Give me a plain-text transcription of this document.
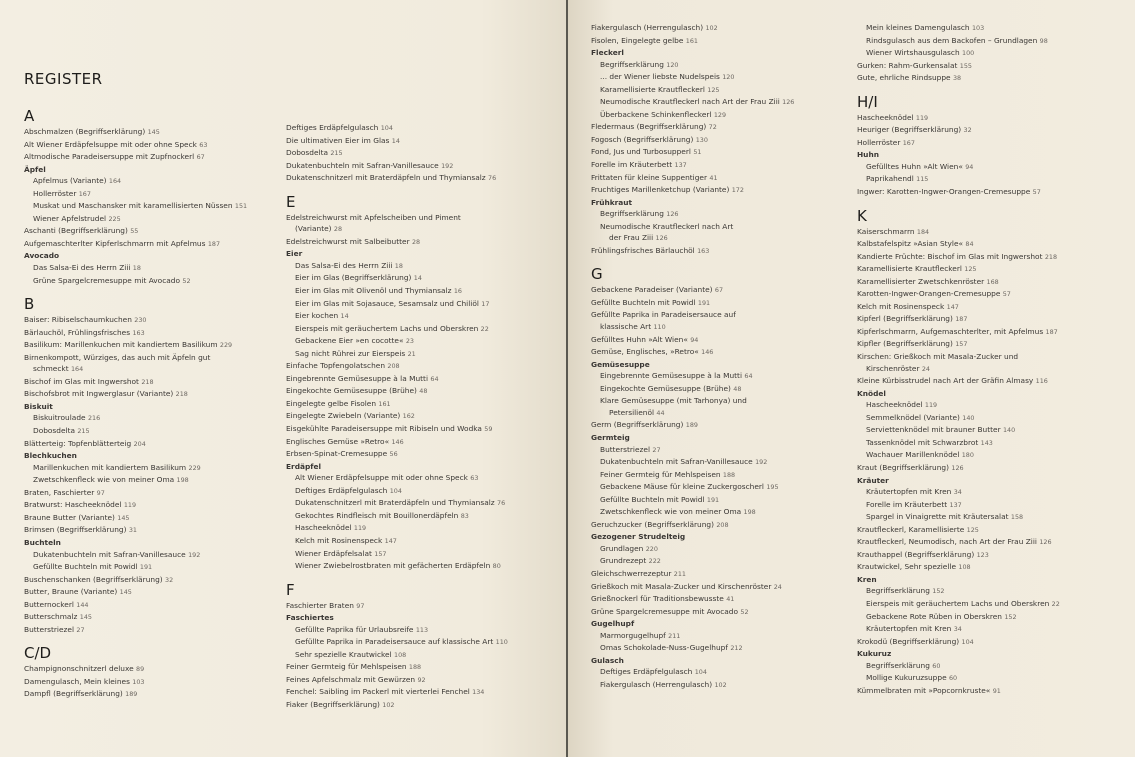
REGISTER
A
Abschmalzen (Begriffserklärung) 145
Alt Wiener Erdäpfelsuppe mit oder ohne Speck 63
Altmodische Paradeisersuppe mit Zupfnockerl 67
Äpfel
Apfelmus (Variante) 164
Hollerröster 167
Muskat und Maschansker mit karamellisierten Nüssen 151
Wiener Apfelstrudel 225
Aschanti (Begriffserklärung) 55
Aufgemaschterlter Kipferlschmarrn mit Apfelmus 187
Avocado
Das Salsa-Ei des Herrn Ziii 18
Grüne Spargelcremesuppe mit Avocado 52
B
Baiser: Ribiselschaumkuchen 230
Bärlauchöl, Frühlingsfrisches 163
Basilikum: Marillenkuchen mit kandiertem Basilikum 229
Birnenkompott, Würziges, das auch mit Äpfeln gut
schmeckt 164
Bischof im Glas mit Ingwershot 218
Bischofsbrot mit Ingwerglasur (Variante) 218
Biskuit
Biskuitroulade 216
Dobosdelta 215
Blätterteig: Topfenblätterteig 204
Blechkuchen
Marillenkuchen mit kandiertem Basilikum 229
Zwetschkenfleck wie von meiner Oma 198
Braten, Faschierter 97
Bratwurst: Hascheeknödel 119
Braune Butter (Variante) 145
Brimsen (Begriffserklärung) 31
Buchteln
Dukatenbuchteln mit Safran-Vanillesauce 192
Gefüllte Buchteln mit Powidl 191
Buschenschanken (Begriffserklärung) 32
Butter, Braune (Variante) 145
Butternockerl 144
Butterschmalz 145
Butterstriezel 27
C/D
Champignonschnitzerl deluxe 89
Damengulasch, Mein kleines 103
Dampfl (Begriffserklärung) 189
Deftiges Erdäpfelgulasch 104
Die ultimativen Eier im Glas 14
Dobosdelta 215
Dukatenbuchteln mit Safran-Vanillesauce 192
Dukatenschnitzerl mit Braterdäpfeln und Thymiansalz 76
E
Edelstreichwurst mit Apfelscheiben und Piment
(Variante) 28
Edelstreichwurst mit Salbeibutter 28
Eier
Das Salsa-Ei des Herrn Ziii 18
Eier im Glas (Begriffserklärung) 14
Eier im Glas mit Olivenöl und Thymiansalz 16
Eier im Glas mit Sojasauce, Sesamsalz und Chiliöl 17
Eier kochen 14
Eierspeis mit geräuchertem Lachs und Oberskren 22
Gebackene Eier »en cocotte« 23
Sag nicht Rührei zur Eierspeis 21
Einfache Topfengolatschen 208
Eingebrennte Gemüsesuppe à la Mutti 64
Eingekochte Gemüsesuppe (Brühe) 48
Eingelegte gelbe Fisolen 161
Eingelegte Zwiebeln (Variante) 162
Eisgekühlte Paradeisersuppe mit Ribiseln und Wodka 59
Englisches Gemüse »Retro« 146
Erbsen-Spinat-Cremesuppe 56
Erdäpfel
Alt Wiener Erdäpfelsuppe mit oder ohne Speck 63
Deftiges Erdäpfelgulasch 104
Dukatenschnitzerl mit Braterdäpfeln und Thymiansalz 76
Gekochtes Rindfleisch mit Bouillonerdäpfeln 83
Hascheeknödel 119
Kelch mit Rosinenspeck 147
Wiener Erdäpfelsalat 157
Wiener Zwiebelrostbraten mit gefächerten Erdäpfeln 80
F
Faschierter Braten 97
Faschiertes
Gefüllte Paprika für Urlaubsreife 113
Gefüllte Paprika in Paradeisersauce auf klassische Art 110
Sehr spezielle Krautwickel 108
Feiner Germteig für Mehlspeisen 188
Feines Apfelschmalz mit Gewürzen 92
Fenchel: Saibling im Packerl mit vierterlei Fenchel 134
Fiaker (Begriffserklärung) 102
Fiakergulasch (Herrengulasch) 102
Fisolen, Eingelegte gelbe 161
Fleckerl
Begriffserklärung 120
... der Wiener liebste Nudelspeis 120
Karamellisierte Krautfleckerl 125
Neumodische Krautfleckerl nach Art der Frau Ziii 126
Überbackene Schinkenfleckerl 129
Fledermaus (Begriffserklärung) 72
Fogosch (Begriffserklärung) 130
Fond, Jus und Turbosupperl 51
Forelle im Kräuterbett 137
Frittaten für kleine Suppentiger 41
Fruchtiges Marillenketchup (Variante) 172
Frühkraut
Begriffserklärung 126
Neumodische Krautfleckerl nach Art
der Frau Ziii 126
Frühlingsfrisches Bärlauchöl 163
G
Gebackene Paradeiser (Variante) 67
Gefüllte Buchteln mit Powidl 191
Gefüllte Paprika in Paradeisersauce auf
klassische Art 110
Gefülltes Huhn »Alt Wien« 94
Gemüse, Englisches, »Retro« 146
Gemüsesuppe
Eingebrennte Gemüsesuppe à la Mutti 64
Eingekochte Gemüsesuppe (Brühe) 48
Klare Gemüsesuppe (mit Tarhonya) und
Petersilienöl 44
Germ (Begriffserklärung) 189
Germteig
Butterstriezel 27
Dukatenbuchteln mit Safran-Vanillesauce 192
Feiner Germteig für Mehlspeisen 188
Gebackene Mäuse für kleine Zuckergoscherl 195
Gefüllte Buchteln mit Powidl 191
Zwetschkenfleck wie von meiner Oma 198
Geruchzucker (Begriffserklärung) 208
Gezogener Strudelteig
Grundlagen 220
Grundrezept 222
Gleichschwerrezeptur 211
Grießkoch mit Masala-Zucker und Kirschenröster 24
Grießnockerl für Traditionsbewusste 41
Grüne Spargelcremesuppe mit Avocado 52
Gugelhupf
Marmorgugelhupf 211
Omas Schokolade-Nuss-Gugelhupf 212
Gulasch
Deftiges Erdäpfelgulasch 104
Fiakergulasch (Herrengulasch) 102
Mein kleines Damengulasch 103
Rindsgulasch aus dem Backofen – Grundlagen 98
Wiener Wirtshausgulasch 100
Gurken: Rahm-Gurkensalat 155
Gute, ehrliche Rindsuppe 38
H/I
Hascheeknödel 119
Heuriger (Begriffserklärung) 32
Hollerröster 167
Huhn
Gefülltes Huhn »Alt Wien« 94
Paprikahendl 115
Ingwer: Karotten-Ingwer-Orangen-Cremesuppe 57
K
Kaiserschmarrn 184
Kalbstafelspitz »Asian Style« 84
Kandierte Früchte: Bischof im Glas mit Ingwershot 218
Karamellisierte Krautfleckerl 125
Karamellisierter Zwetschkenröster 168
Karotten-Ingwer-Orangen-Cremesuppe 57
Kelch mit Rosinenspeck 147
Kipferl (Begriffserklärung) 187
Kipferlschmarrn, Aufgemaschterlter, mit Apfelmus 187
Kipfler (Begriffserklärung) 157
Kirschen: Grießkoch mit Masala-Zucker und
Kirschenröster 24
Kleine Kürbisstrudel nach Art der Gräfin Almasy 116
Knödel
Hascheeknödel 119
Semmelknödel (Variante) 140
Serviettenknödel mit brauner Butter 140
Tassenknödel mit Schwarzbrot 143
Wachauer Marillenknödel 180
Kraut (Begriffserklärung) 126
Kräuter
Kräutertopfen mit Kren 34
Forelle im Kräuterbett 137
Spargel in Vinaigrette mit Kräutersalat 158
Krautfleckerl, Karamellisierte 125
Krautfleckerl, Neumodisch, nach Art der Frau Ziii 126
Krauthappel (Begriffserklärung) 123
Krautwickel, Sehr spezielle 108
Kren
Begriffserklärung 152
Eierspeis mit geräuchertem Lachs und Oberskren 22
Gebackene Rote Rüben in Oberskren 152
Kräutertopfen mit Kren 34
Krokodü (Begriffserklärung) 104
Kukuruz
Begriffserklärung 60
Mollige Kukuruzsuppe 60
Kümmelbraten mit »Popcornkruste« 91
